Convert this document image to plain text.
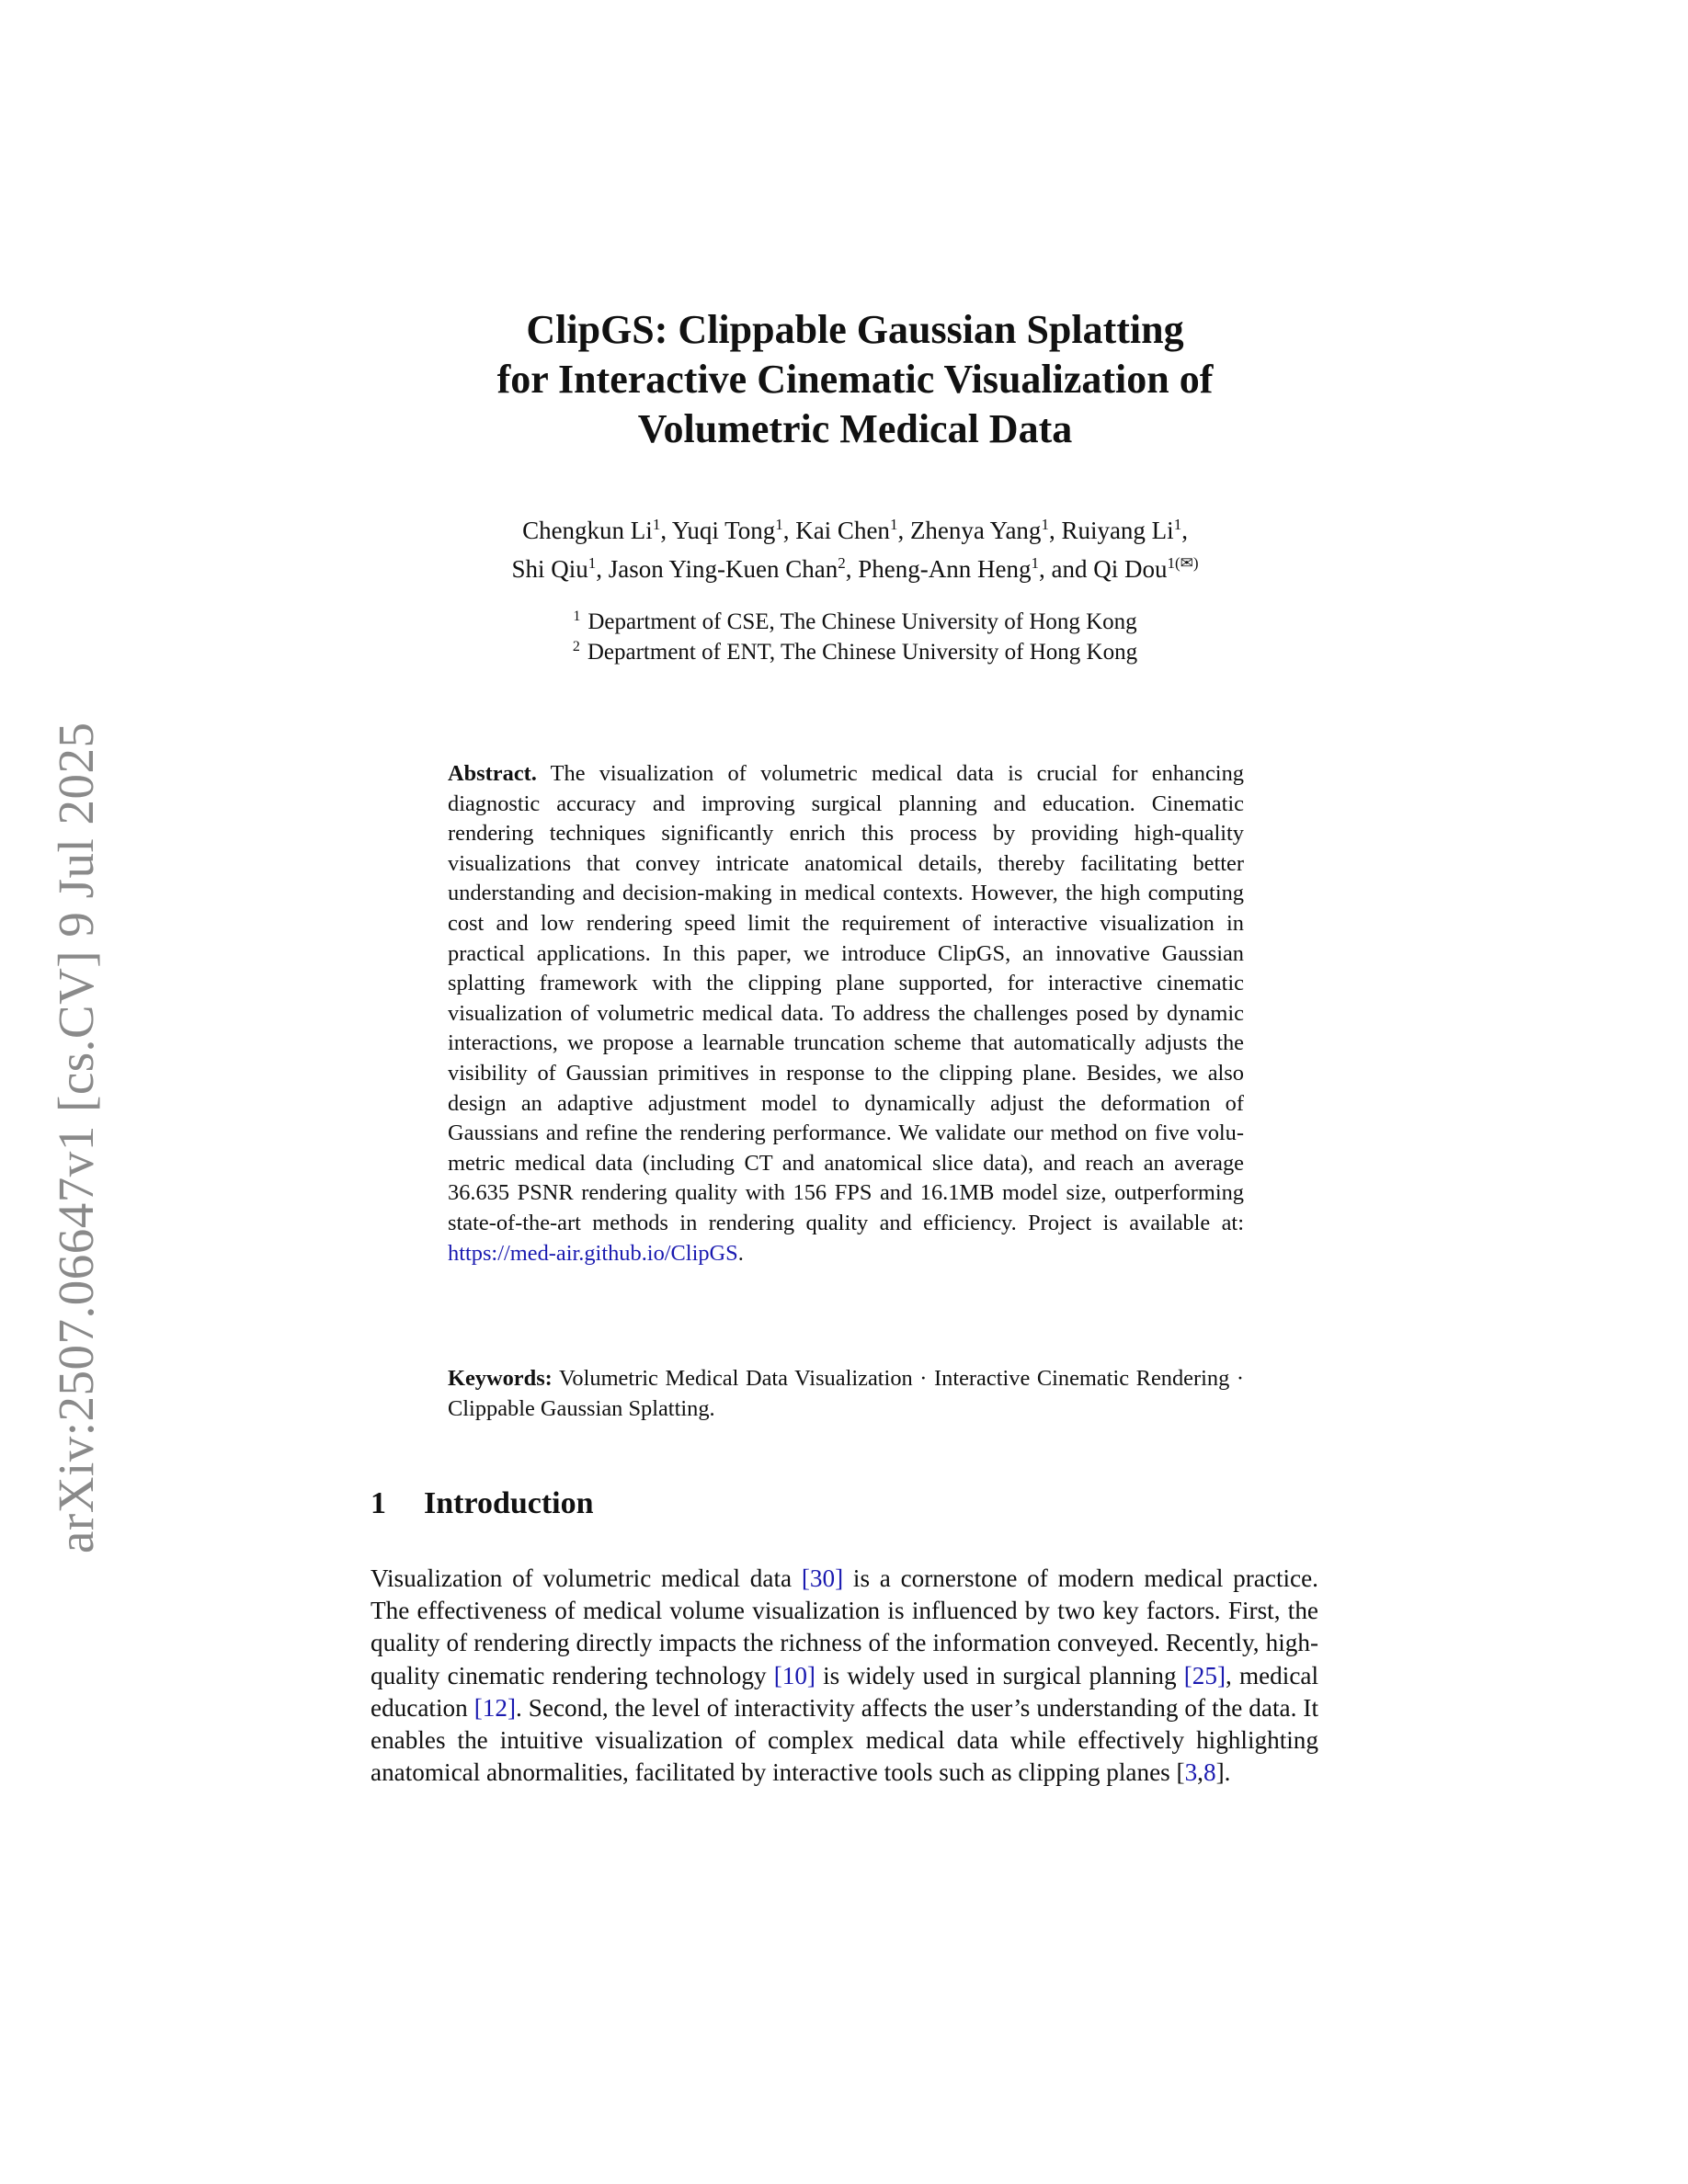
arXiv:2507.06647v1 [cs.CV] 9 Jul 2025
ClipGS: Clippable Gaussian Splatting
for Interactive Cinematic Visualization of
Volumetric Medical Data
Chengkun Li$^1$, Yuqi Tong$^1$, Kai Chen$^1$, Zhenya Yang$^1$, Ruiyang Li$^1$,
Shi Qiu$^1$, Jason Ying-Kuen Chan$^2$, Pheng-Ann Heng$^1$, and Qi Dou$^{1(✉)}$
$^1$ Department of CSE, The Chinese University of Hong Kong
$^2$ Department of ENT, The Chinese University of Hong Kong
Abstract. The visualization of volumetric medical data is crucial for enhancing diagnostic accuracy and improving surgical planning and education. Cinematic rendering techniques significantly enrich this process by providing high-quality visualizations that convey intricate anatomical details, thereby facilitating better understanding and decision-making in medical contexts. However, the high computing cost and low rendering speed limit the requirement of interactive visualization in practical applications. In this paper, we introduce ClipGS, an innovative Gaussian splatting framework with the clipping plane supported, for interactive cinematic visualization of volumetric medical data. To address the challenges posed by dynamic interactions, we propose a learnable truncation scheme that automatically adjusts the visibility of Gaussian primitives in response to the clipping plane. Besides, we also design an adaptive adjustment model to dynamically adjust the deformation of Gaussians and refine the rendering performance. We validate our method on five volumetric medical data (including CT and anatomical slice data), and reach an average 36.635 PSNR rendering quality with 156 FPS and 16.1MB model size, outperforming state-of-the-art methods in rendering quality and efficiency. Project is available at: https://med-air.github.io/ClipGS.
Keywords: Volumetric Medical Data Visualization · Interactive Cinematic Rendering · Clippable Gaussian Splatting.
1 Introduction
Visualization of volumetric medical data [30] is a cornerstone of modern medical practice. The effectiveness of medical volume visualization is influenced by two key factors. First, the quality of rendering directly impacts the richness of the information conveyed. Recently, high-quality cinematic rendering technology [10] is widely used in surgical planning [25], medical education [12]. Second, the level of interactivity affects the user’s understanding of the data. It enables the intuitive visualization of complex medical data while effectively highlighting anatomical abnormalities, facilitated by interactive tools such as clipping planes [3,8].
